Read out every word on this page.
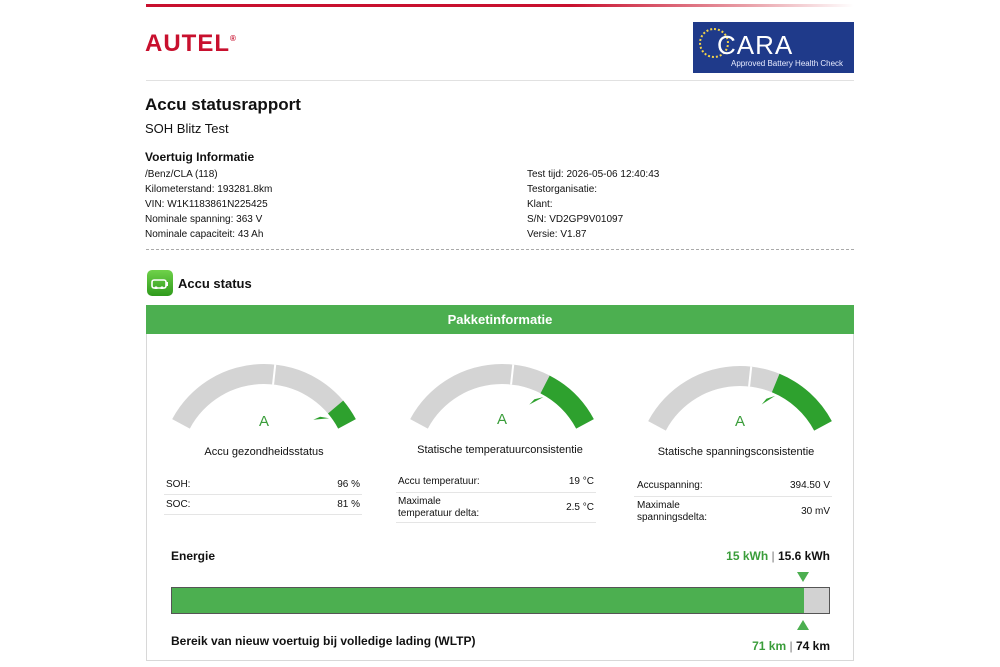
AUTEL®	CARA
Approved Battery Health Check
Accu statusrapport
SOH Blitz Test
Voertuig Informatie
/Benz/CLA (118)
Kilometerstand: 193281.8km
VIN: W1K1183861N225425
Nominale spanning: 363 V
Nominale capaciteit: 43 Ah
Test tijd: 2026-05-06 12:40:43
Testorganisatie:
Klant:
S/N: VD2GP9V01097
Versie: V1.87
Accu status
Pakketinformatie
A
Accu gezondheidsstatus
SOH:	96 %
SOC:	81 %
A
Statische temperatuurconsistentie
Accu temperatuur:	19 °C
Maximale
temperatuur delta:
2.5 °C
A
Statische spanningsconsistentie
Accuspanning:	394.50 V
Maximale
spanningsdelta:
30 mV
Energie	15 kWh | 15.6 kWh
Bereik van nieuw voertuig bij volledige lading (WLTP)	71 km | 74 km
